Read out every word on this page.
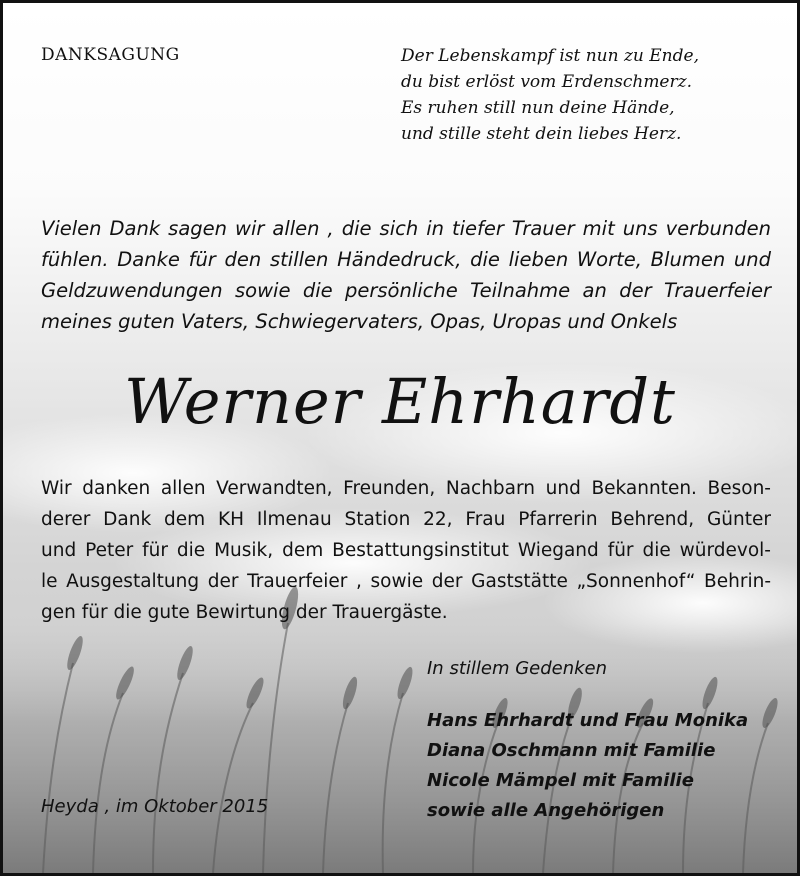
DANKSAGUNG	Der Lebenskampf ist nun zu Ende,
du bist erlöst vom Erdenschmerz.
Es ruhen still nun deine Hände,
und stille steht dein liebes Herz.
Vielen Dank sagen wir allen , die sich in tiefer Trauer mit uns verbunden
fühlen. Danke für den stillen Händedruck, die lieben Worte, Blumen und
Geldzuwendungen sowie die persönliche Teilnahme an der Trauerfeier
meines guten Vaters, Schwiegervaters, Opas, Uropas und Onkels
Werner Ehrhardt
Wir danken allen Verwandten, Freunden, Nachbarn und Bekannten. Beson-
derer Dank dem KH Ilmenau Station 22, Frau Pfarrerin Behrend, Günter
und Peter für die Musik, dem Bestattungsinstitut Wiegand für die würdevol-
le Ausgestaltung der Trauerfeier , sowie der Gaststätte „Sonnenhof“ Behrin-
gen für die gute Bewirtung der Trauergäste.
In stillem Gedenken
Hans Ehrhardt und Frau Monika
Diana Oschmann mit Familie
Nicole Mämpel mit Familie
sowie alle Angehörigen
Heyda , im Oktober 2015
